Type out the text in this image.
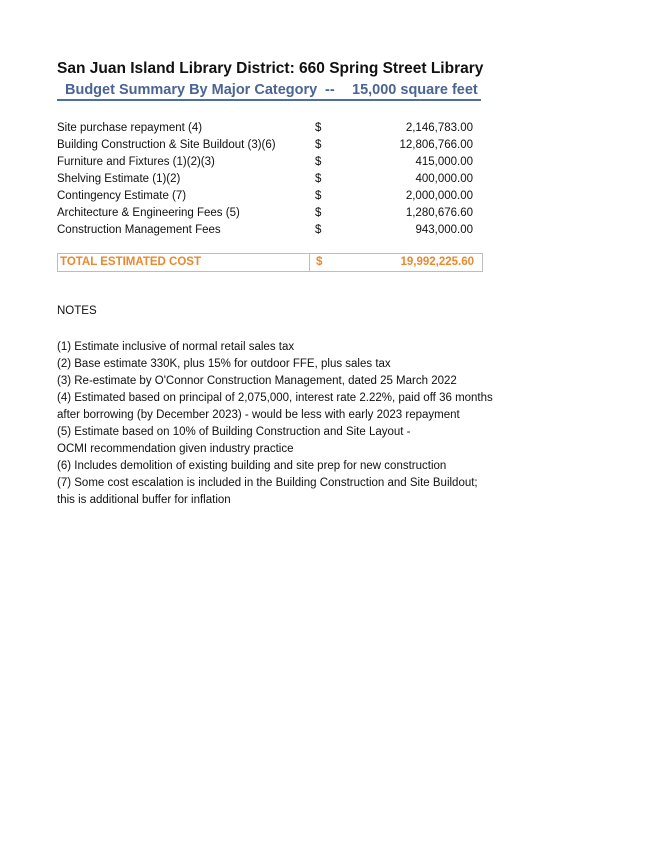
San Juan Island Library District: 660 Spring Street Library
Budget Summary By Major Category -- 15,000 square feet
Site purchase repayment (4)	$	2,146,783.00
Building Construction & Site Buildout (3)(6)	$	12,806,766.00
Furniture and Fixtures (1)(2)(3)	$	415,000.00
Shelving Estimate (1)(2)	$	400,000.00
Contingency Estimate (7)	$	2,000,000.00
Architecture & Engineering Fees (5)	$	1,280,676.60
Construction Management Fees	$	943,000.00
TOTAL ESTIMATED COST	$	19,992,225.60
NOTES
(1) Estimate inclusive of normal retail sales tax
(2) Base estimate 330K, plus 15% for outdoor FFE, plus sales tax
(3) Re-estimate by O'Connor Construction Management, dated 25 March 2022
(4) Estimated based on principal of 2,075,000, interest rate 2.22%, paid off 36 months
after borrowing (by December 2023) - would be less with early 2023 repayment
(5) Estimate based on 10% of Building Construction and Site Layout -
OCMI recommendation given industry practice
(6) Includes demolition of existing building and site prep for new construction
(7) Some cost escalation is included in the Building Construction and Site Buildout;
this is additional buffer for inflation
